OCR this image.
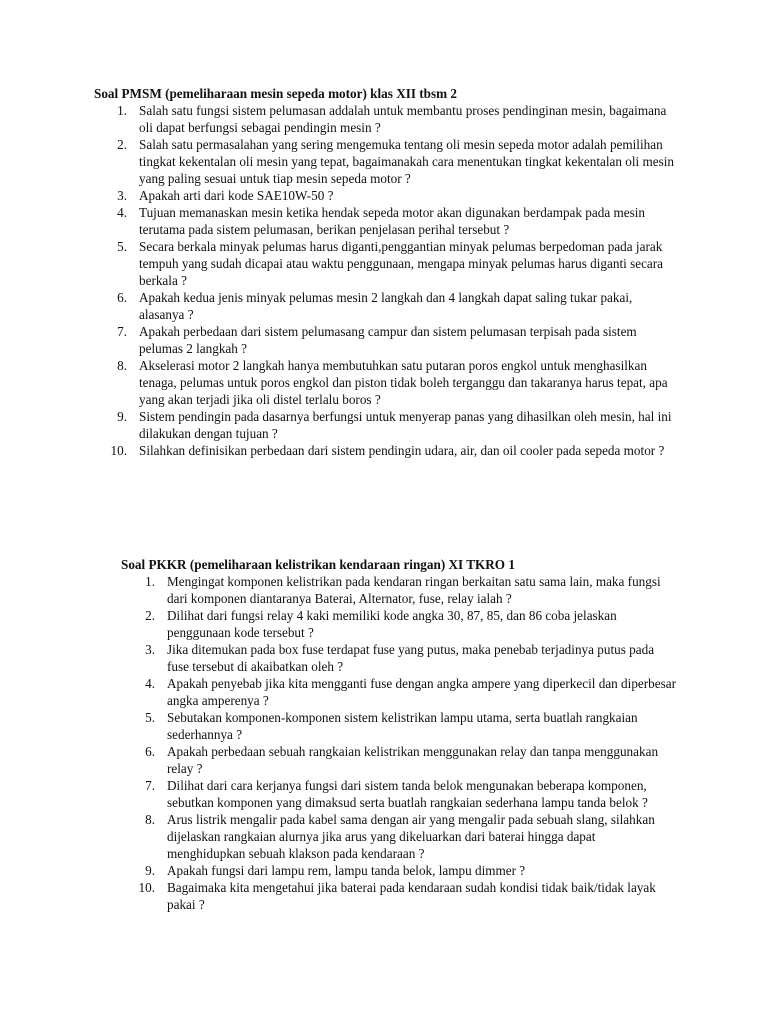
Soal PMSM (pemeliharaan mesin sepeda motor) klas XII tbsm 2

1. Salah satu fungsi sistem pelumasan addalah untuk membantu proses pendinginan mesin, bagaimana oli dapat berfungsi sebagai pendingin mesin ?
2. Salah satu permasalahan yang sering mengemuka tentang oli mesin sepeda motor adalah pemilihan tingkat kekentalan oli mesin yang tepat, bagaimanakah cara menentukan tingkat kekentalan oli mesin yang paling sesuai untuk tiap mesin sepeda motor ?
3. Apakah arti dari kode SAE10W-50 ?
4. Tujuan memanaskan mesin ketika hendak sepeda motor akan digunakan berdampak pada mesin terutama pada sistem pelumasan, berikan penjelasan perihal tersebut ?
5. Secara berkala minyak pelumas harus diganti,penggantian minyak pelumas berpedoman pada jarak tempuh yang sudah dicapai atau waktu penggunaan, mengapa minyak pelumas harus diganti secara berkala ?
6. Apakah kedua jenis minyak pelumas mesin 2 langkah dan 4 langkah dapat saling tukar pakai, alasanya ?
7. Apakah perbedaan dari sistem pelumasang campur dan sistem pelumasan terpisah pada sistem pelumas 2 langkah ?
8. Akselerasi motor 2 langkah hanya membutuhkan satu putaran poros engkol untuk menghasilkan tenaga, pelumas untuk poros engkol dan piston tidak boleh terganggu dan takaranya harus tepat, apa yang akan terjadi jika oli distel terlalu boros ?
9. Sistem pendingin pada dasarnya berfungsi untuk menyerap panas yang dihasilkan oleh mesin, hal ini dilakukan dengan tujuan ?
10. Silahkan definisikan perbedaan dari sistem pendingin udara, air, dan oil cooler pada sepeda motor ?

Soal PKKR (pemeliharaan kelistrikan kendaraan ringan) XI TKRO 1

1. Mengingat komponen kelistrikan pada kendaran ringan berkaitan satu sama lain, maka fungsi dari komponen diantaranya Baterai, Alternator, fuse, relay ialah ?
2. Dilihat dari fungsi relay 4 kaki memiliki kode angka 30, 87, 85, dan 86 coba jelaskan penggunaan kode tersebut ?
3. Jika ditemukan pada box fuse terdapat fuse yang putus, maka penebab terjadinya putus pada fuse tersebut di akaibatkan oleh ?
4. Apakah penyebab jika kita mengganti fuse dengan angka ampere yang diperkecil dan diperbesar angka amperenya ?
5. Sebutakan komponen-komponen sistem kelistrikan lampu utama, serta buatlah rangkaian sederhannya ?
6. Apakah perbedaan sebuah rangkaian kelistrikan menggunakan relay dan tanpa menggunakan relay ?
7. Dilihat dari cara kerjanya fungsi dari sistem tanda belok mengunakan beberapa komponen, sebutkan komponen yang dimaksud serta buatlah rangkaian sederhana lampu tanda belok ?
8. Arus listrik mengalir pada kabel sama dengan air yang mengalir pada sebuah slang, silahkan dijelaskan rangkaian alurnya jika arus yang dikeluarkan dari baterai hingga dapat menghidupkan sebuah klakson pada kendaraan ?
9. Apakah fungsi dari lampu rem, lampu tanda belok, lampu dimmer ?
10. Bagaimaka kita mengetahui jika baterai pada kendaraan sudah kondisi tidak baik/tidak layak pakai ?
